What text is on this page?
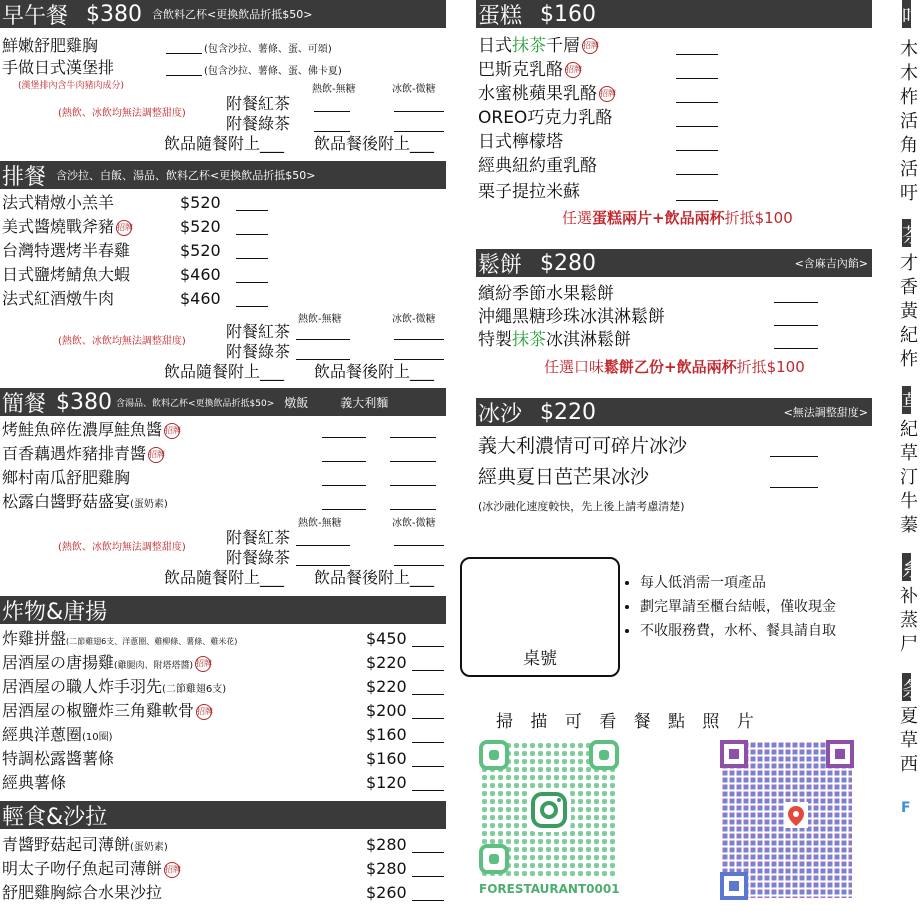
早午餐 $380 含飲料乙杯<更換飲品折抵$50>
鮮嫩舒肥雞胸	(包含沙拉、薯條、蛋、可頌)
手做日式漢堡排	(包含沙拉、薯條、蛋、佛卡夏)
(漢堡排內含牛肉豬肉成分)	熱飲-無糖	冰飲-微糖
(熱飲、冰飲均無法調整甜度)
附餐紅茶
附餐綠茶
飲品隨餐附上___ 飲品餐後附上___
排餐 含沙拉、白飯、湯品、飲料乙杯<更換飲品折抵$50>
法式精燉小羔羊	$520
美式醬燒戰斧豬 招牌	$520
台灣特選烤半春雞	$520
日式鹽烤鯖魚大蝦	$460
法式紅酒燉牛肉	$460
熱飲-無糖	冰飲-微糖
(熱飲、冰飲均無法調整甜度)
附餐紅茶
附餐綠茶
飲品隨餐附上___ 飲品餐後附上___
簡餐 $380 含湯品、飲料乙杯<更換飲品折抵$50> 燉飯	義大利麵
烤鮭魚碎佐濃厚鮭魚醬 招牌
百香藕遇炸豬排青醬 招牌
鄉村南瓜舒肥雞胸
松露白醬野菇盛宴(蛋奶素)
熱飲-無糖	冰飲-微糖
(熱飲、冰飲均無法調整甜度)
附餐紅茶
附餐綠茶
飲品隨餐附上___ 飲品餐後附上___
炸物&唐揚
炸雞拼盤(二節雞翅6支、洋蔥圈、雞柳條、薯條、雞米花)	$450
居酒屋の唐揚雞(雞腿肉、附塔塔醬) 招牌	$220
居酒屋の職人炸手羽先(二節雞翅6支)	$220
居酒屋の椒鹽炸三角雞軟骨 招牌	$200
經典洋蔥圈(10圈)	$160
特調松露醬薯條	$160
經典薯條	$120
輕食&沙拉
青醬野菇起司薄餅(蛋奶素)	$280
明太子吻仔魚起司薄餅 招牌	$280
舒肥雞胸綜合水果沙拉	$260
蛋糕 $160
日式抹茶千層 招牌
巴斯克乳酪 招牌
水蜜桃蘋果乳酪 招牌
OREO巧克力乳酪
日式檸檬塔
經典紐約重乳酪
栗子提拉米蘇
任選蛋糕兩片+飲品兩杯折抵$100
鬆餅 $280	<含麻吉內餡>
繽紛季節水果鬆餅
沖繩黑糖珍珠冰淇淋鬆餅
特製抹茶冰淇淋鬆餅
任選口味鬆餅乙份+飲品兩杯折抵$100
冰沙 $220	<無法調整甜度>
義大利濃情可可碎片冰沙
經典夏日芭芒果冰沙
(冰沙融化速度較快，先上後上請考慮清楚)
桌號
• 每人低消需一項產品
• 劃完單請至櫃台結帳，僅收現金
• 不收服務費，水杯、餐具請自取
掃 描 可 看 餐 點 照 片
FORESTAURANT0001
吋
木
木
柞
活
角
活
吁
茶
才
香
黃
紀
柞
草
紀
草
汀
牛
蓁
糸
补
蒸
尸
条
夏
草
西
F
